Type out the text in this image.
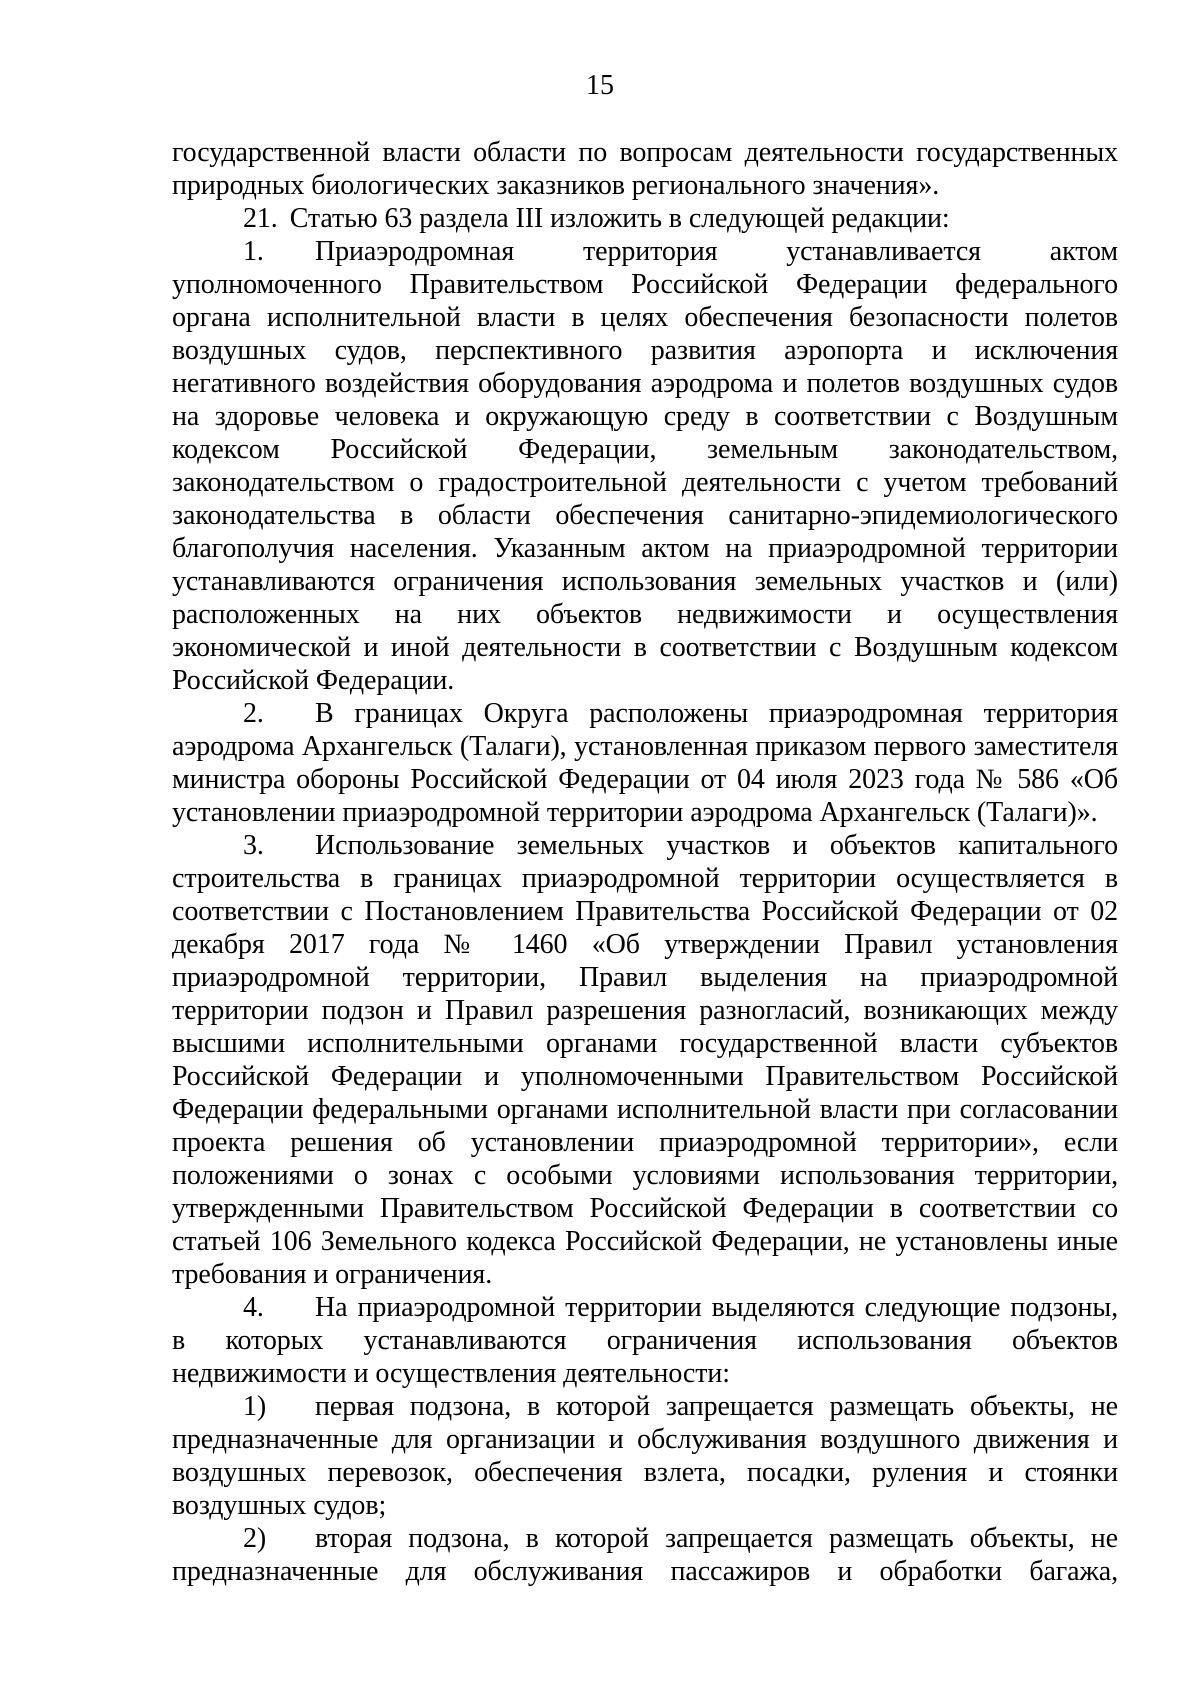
15

государственной власти области по вопросам деятельности государственных природных биологических заказников регионального значения».

21. Статью 63 раздела III изложить в следующей редакции:

1. Приаэродромная территория устанавливается актом уполномоченного Правительством Российской Федерации федерального органа исполнительной власти в целях обеспечения безопасности полетов воздушных судов, перспективного развития аэропорта и исключения негативного воздействия оборудования аэродрома и полетов воздушных судов на здоровье человека и окружающую среду в соответствии с Воздушным кодексом Российской Федерации, земельным законодательством, законодательством о градостроительной деятельности с учетом требований законодательства в области обеспечения санитарно-эпидемиологического благополучия населения. Указанным актом на приаэродромной территории устанавливаются ограничения использования земельных участков и (или) расположенных на них объектов недвижимости и осуществления экономической и иной деятельности в соответствии с Воздушным кодексом Российской Федерации.

2. В границах Округа расположены приаэродромная территория аэродрома Архангельск (Талаги), установленная приказом первого заместителя министра обороны Российской Федерации от 04 июля 2023 года № 586 «Об установлении приаэродромной территории аэродрома Архангельск (Талаги)».

3. Использование земельных участков и объектов капитального строительства в границах приаэродромной территории осуществляется в соответствии с Постановлением Правительства Российской Федерации от 02 декабря 2017 года № 1460 «Об утверждении Правил установления приаэродромной территории, Правил выделения на приаэродромной территории подзон и Правил разрешения разногласий, возникающих между высшими исполнительными органами государственной власти субъектов Российской Федерации и уполномоченными Правительством Российской Федерации федеральными органами исполнительной власти при согласовании проекта решения об установлении приаэродромной территории», если положениями о зонах с особыми условиями использования территории, утвержденными Правительством Российской Федерации в соответствии со статьей 106 Земельного кодекса Российской Федерации, не установлены иные требования и ограничения.

4. На приаэродромной территории выделяются следующие подзоны, в которых устанавливаются ограничения использования объектов недвижимости и осуществления деятельности:

1) первая подзона, в которой запрещается размещать объекты, не предназначенные для организации и обслуживания воздушного движения и воздушных перевозок, обеспечения взлета, посадки, руления и стоянки воздушных судов;

2) вторая подзона, в которой запрещается размещать объекты, не предназначенные для обслуживания пассажиров и обработки багажа,
